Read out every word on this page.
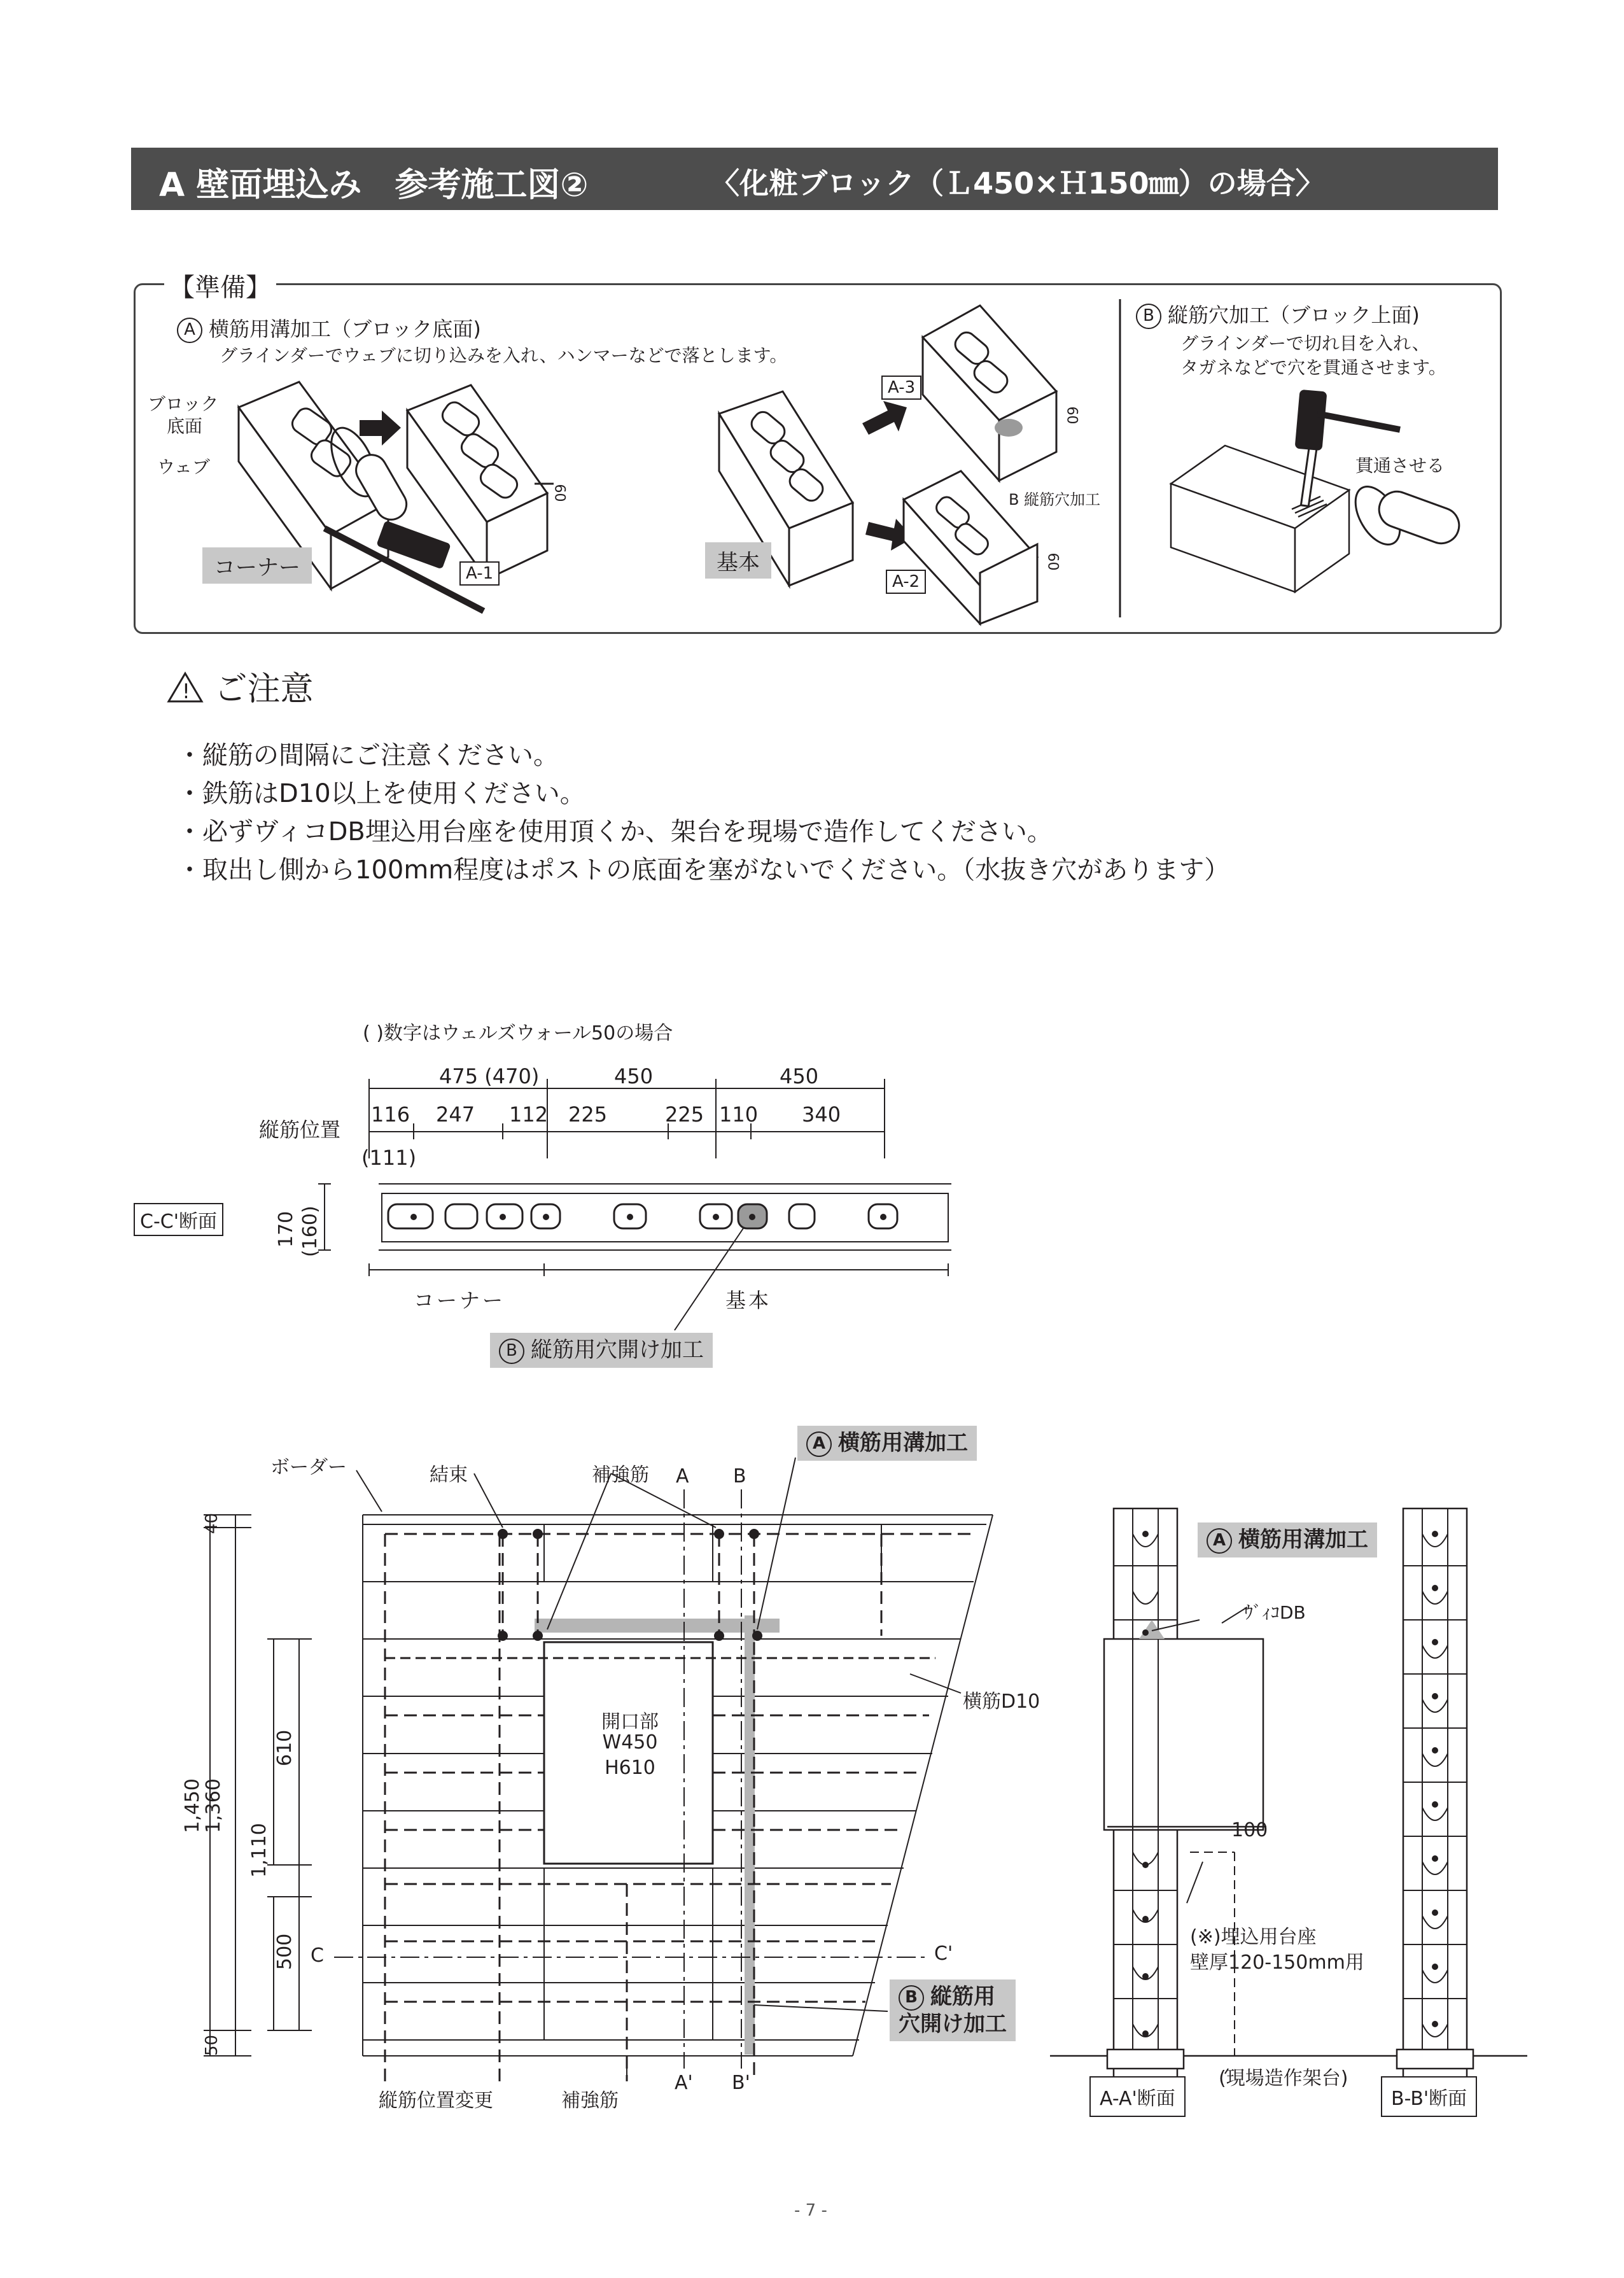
A 壁面埋込み　参考施工図②	〈化粧ブロック（Ｌ450×Ｈ150㎜）の場合〉
【準備】
A 横筋用溝加工（ブロック底面)
グラインダーでウェブに切り込みを入れ、ハンマーなどで落とします。
B 縦筋穴加工（ブロック上面)
グラインダーで切れ目を入れ、
タガネなどで穴を貫通させます。
ブロック
底面
ウェブ
コーナー	基本
A-1
A-3
A-2
60
60
60
B 縦筋穴加工
貫通させる
! ご注意
・縦筋の間隔にご注意ください。
・鉄筋はD10以上を使用ください。
・必ずヴィコDB埋込用台座を使用頂くか、架台を現場で造作してください。
・取出し側から100mm程度はポストの底面を塞がないでください。（水抜き穴があります）
( )数字はウェルズウォール50の場合
475 (470)	450	450
縦筋位置
116 247 112 225	225 110 340
(111)
C-C'断面	170 (160)
コーナー	基本
B 縦筋用穴開け加工
ボーダー	結束	補強筋 A B
A 横筋用溝加工
横筋D10
開口部
W450
H610
C	C'
B 縦筋用
穴開け加工
A' B'
縦筋位置変更	補強筋
1,450
1,360
1,110
610
500
40
50
A 横筋用溝加工
ｳﾞｨｺDB
100
(※)埋込用台座
壁厚120-150mm用
(現場造作架台)
A-A'断面	B-B'断面
- 7 -
